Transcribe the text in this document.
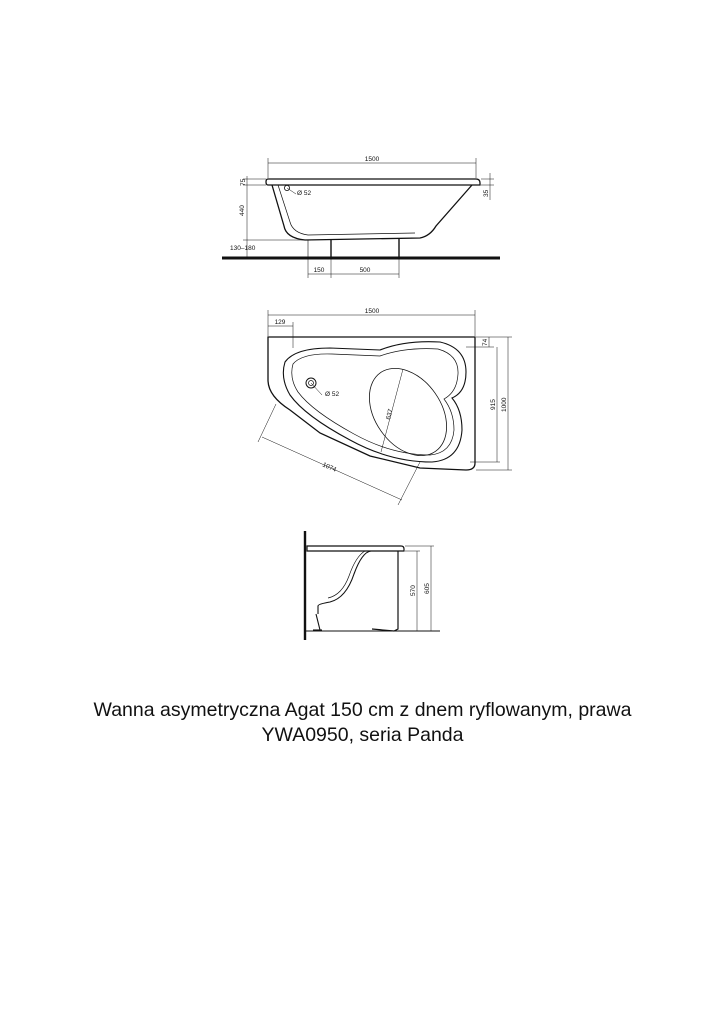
Ø 52
1500
75
440
130–180
35
150	500
Ø 52
1500
129
74
915 1000
637
1074
570 605
Wanna asymetryczna Agat 150 cm z dnem ryflowanym, prawa
YWA0950, seria Panda
